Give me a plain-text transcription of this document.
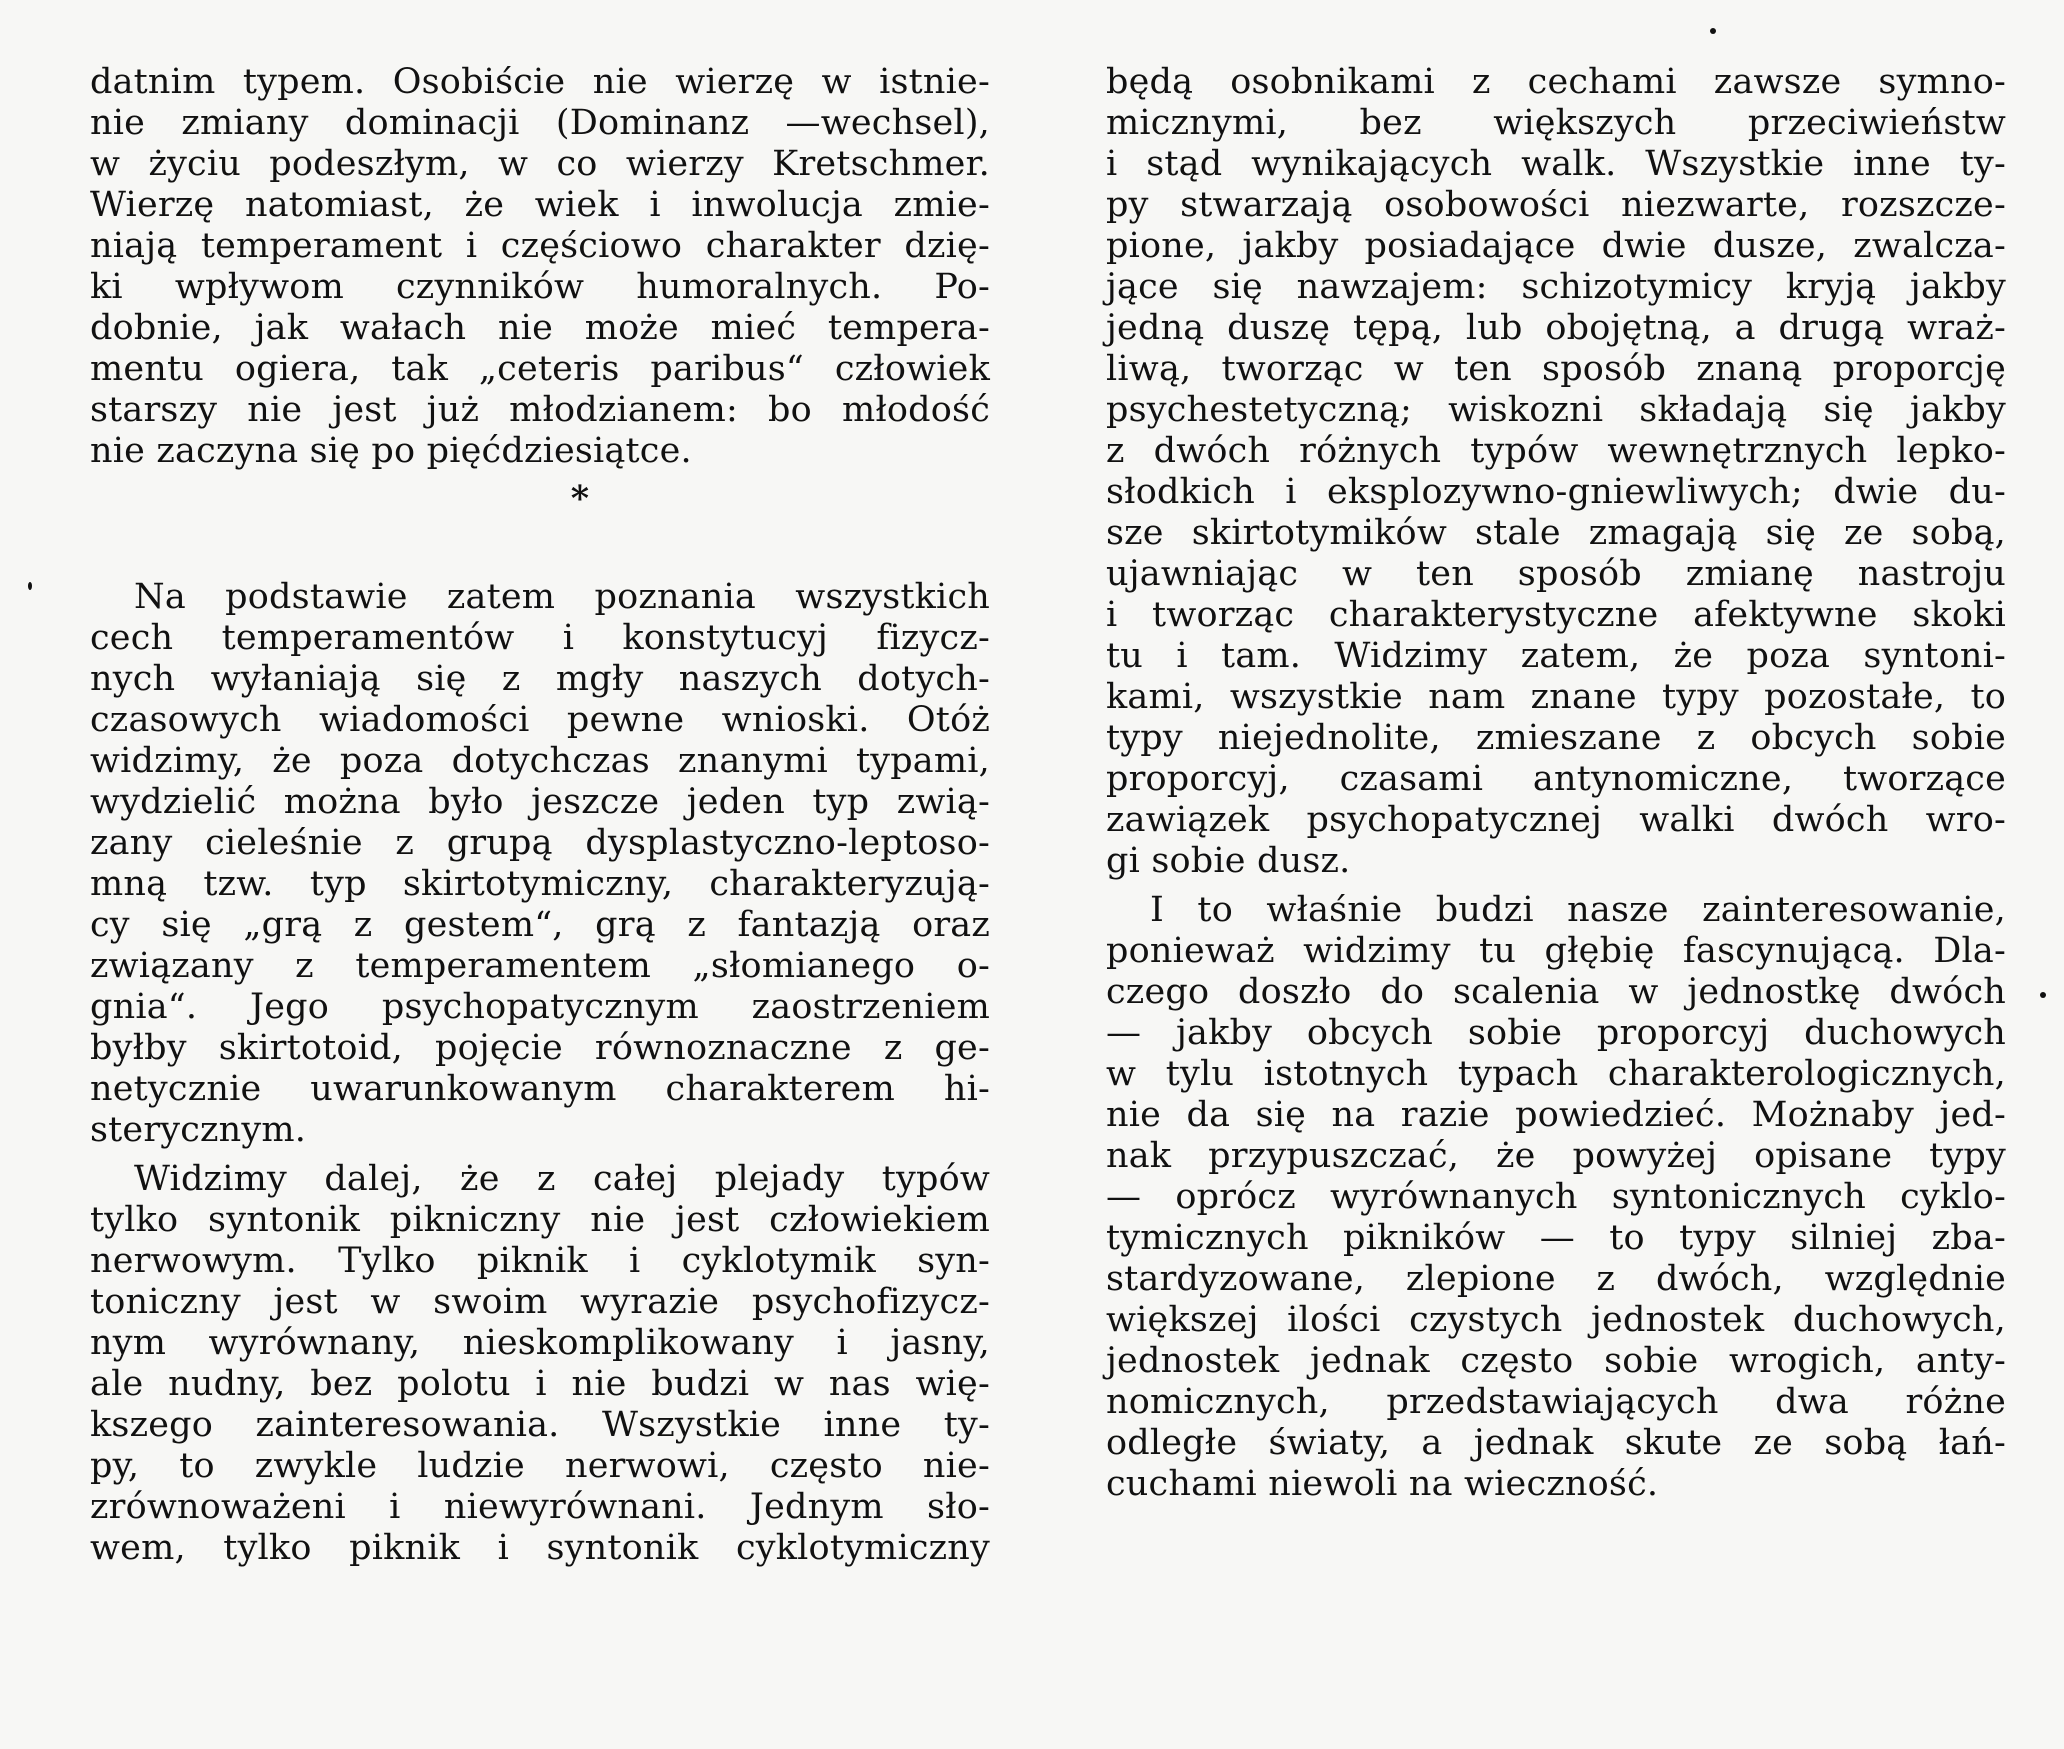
datnim typem. Osobiście nie wierzę w istnie-
nie zmiany dominacji (Dominanz —wechsel),
w życiu podeszłym, w co wierzy Kretschmer.
Wierzę natomiast, że wiek i inwolucja zmie-
niają temperament i częściowo charakter dzię-
ki wpływom czynników humoralnych. Po-
dobnie, jak wałach nie może mieć tempera-
mentu ogiera, tak „ceteris paribus“ człowiek
starszy nie jest już młodzianem: bo młodość
nie zaczyna się po pięćdziesiątce.
*
Na podstawie zatem poznania wszystkich
cech temperamentów i konstytucyj fizycz-
nych wyłaniają się z mgły naszych dotych-
czasowych wiadomości pewne wnioski. Otóż
widzimy, że poza dotychczas znanymi typami,
wydzielić można było jeszcze jeden typ zwią-
zany cieleśnie z grupą dysplastyczno-leptoso-
mną tzw. typ skirtotymiczny, charakteryzują-
cy się „grą z gestem“, grą z fantazją oraz
związany z temperamentem „słomianego o-
gnia“. Jego psychopatycznym zaostrzeniem
byłby skirtotoid, pojęcie równoznaczne z ge-
netycznie uwarunkowanym charakterem hi-
sterycznym.
Widzimy dalej, że z całej plejady typów
tylko syntonik pikniczny nie jest człowiekiem
nerwowym. Tylko piknik i cyklotymik syn-
toniczny jest w swoim wyrazie psychofizycz-
nym wyrównany, nieskomplikowany i jasny,
ale nudny, bez polotu i nie budzi w nas wię-
kszego zainteresowania. Wszystkie inne ty-
py, to zwykle ludzie nerwowi, często nie-
zrównoważeni i niewyrównani. Jednym sło-
wem, tylko piknik i syntonik cyklotymiczny
będą osobnikami z cechami zawsze symno-
micznymi, bez większych przeciwieństw
i stąd wynikających walk. Wszystkie inne ty-
py stwarzają osobowości niezwarte, rozszcze-
pione, jakby posiadające dwie dusze, zwalcza-
jące się nawzajem: schizotymicy kryją jakby
jedną duszę tępą, lub obojętną, a drugą wraż-
liwą, tworząc w ten sposób znaną proporcję
psychestetyczną; wiskozni składają się jakby
z dwóch różnych typów wewnętrznych lepko-
słodkich i eksplozywno-gniewliwych; dwie du-
sze skirtotymików stale zmagają się ze sobą,
ujawniając w ten sposób zmianę nastroju
i tworząc charakterystyczne afektywne skoki
tu i tam. Widzimy zatem, że poza syntoni-
kami, wszystkie nam znane typy pozostałe, to
typy niejednolite, zmieszane z obcych sobie
proporcyj, czasami antynomiczne, tworzące
zawiązek psychopatycznej walki dwóch wro-
gi sobie dusz.
I to właśnie budzi nasze zainteresowanie,
ponieważ widzimy tu głębię fascynującą. Dla-
czego doszło do scalenia w jednostkę dwóch
— jakby obcych sobie proporcyj duchowych
w tylu istotnych typach charakterologicznych,
nie da się na razie powiedzieć. Możnaby jed-
nak przypuszczać, że powyżej opisane typy
— oprócz wyrównanych syntonicznych cyklo-
tymicznych pikników — to typy silniej zba-
stardyzowane, zlepione z dwóch, względnie
większej ilości czystych jednostek duchowych,
jednostek jednak często sobie wrogich, anty-
nomicznych, przedstawiających dwa różne
odległe światy, a jednak skute ze sobą łań-
cuchami niewoli na wieczność.
